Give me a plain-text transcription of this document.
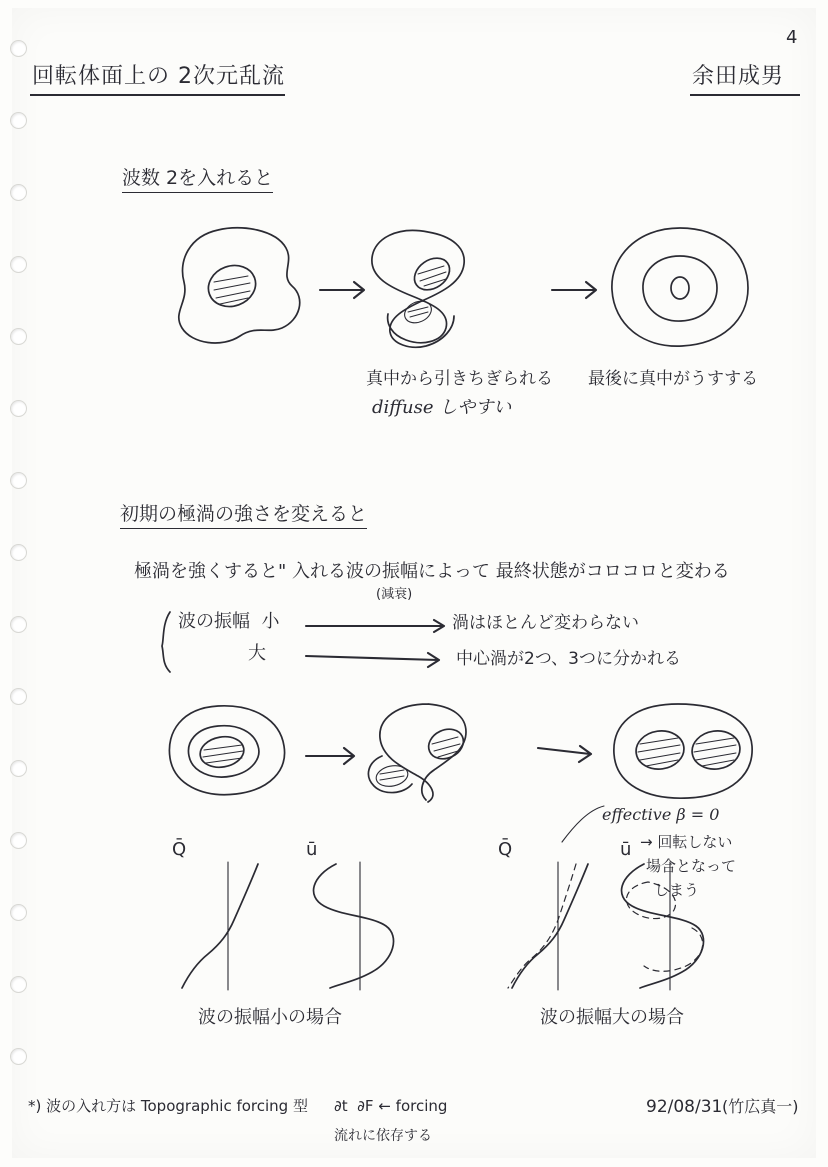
4
回転体面上の 2次元乱流	余田成男
波数 2を入れると
真中から引きちぎられる
diffuse しやすい
最後に真中がうすする
初期の極渦の強さを変えると
極渦を強くすると" 入れる波の振幅によって 最終状態がコロコロと変わる
(減衰)
波の振幅  小
大
渦はほとんど変わらない
中心渦が2つ、3つに分かれる
effective β = 0
→ 回転しない
場合となって
しまう
Q̄	ū
波の振幅小の場合
Q̄	ū
波の振幅大の場合
*) 波の入れ方は Topographic forcing 型 ∂t  ∂F ← forcing
流れに依存する
92/08/31 (竹広真一)
